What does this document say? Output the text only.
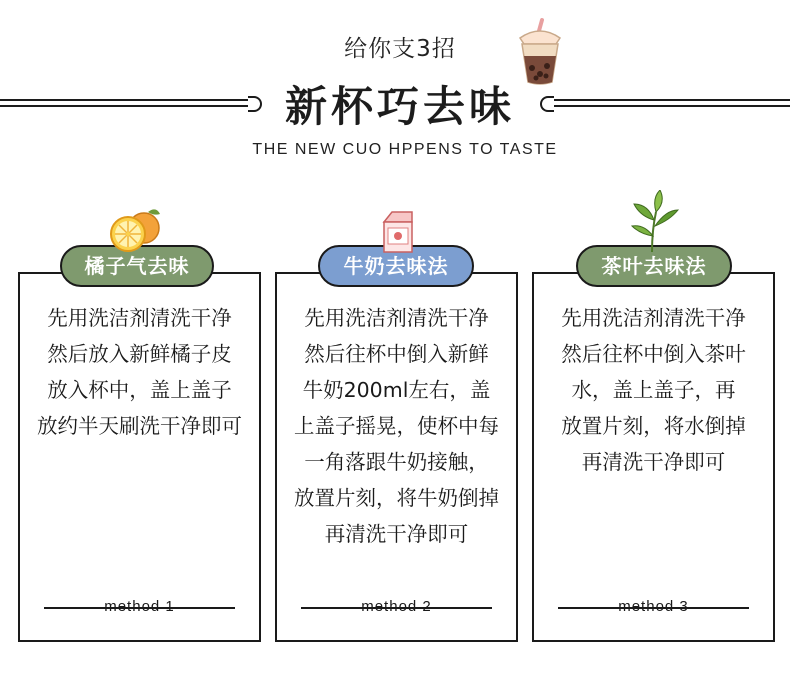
给你支3招
新杯巧去味
THE NEW CUO HPPENS TO TASTE
先用洗洁剂清洗干净
然后放入新鲜橘子皮
放入杯中，盖上盖子
放约半天刷洗干净即可
method 1
橘子气去味
先用洗洁剂清洗干净
然后往杯中倒入新鲜
牛奶200ml左右，盖
上盖子摇晃，使杯中每
一角落跟牛奶接触，
放置片刻，将牛奶倒掉
再清洗干净即可
method 2
牛奶去味法
先用洗洁剂清洗干净
然后往杯中倒入茶叶
水，盖上盖子，再
放置片刻，将水倒掉
再清洗干净即可
method 3
茶叶去味法
